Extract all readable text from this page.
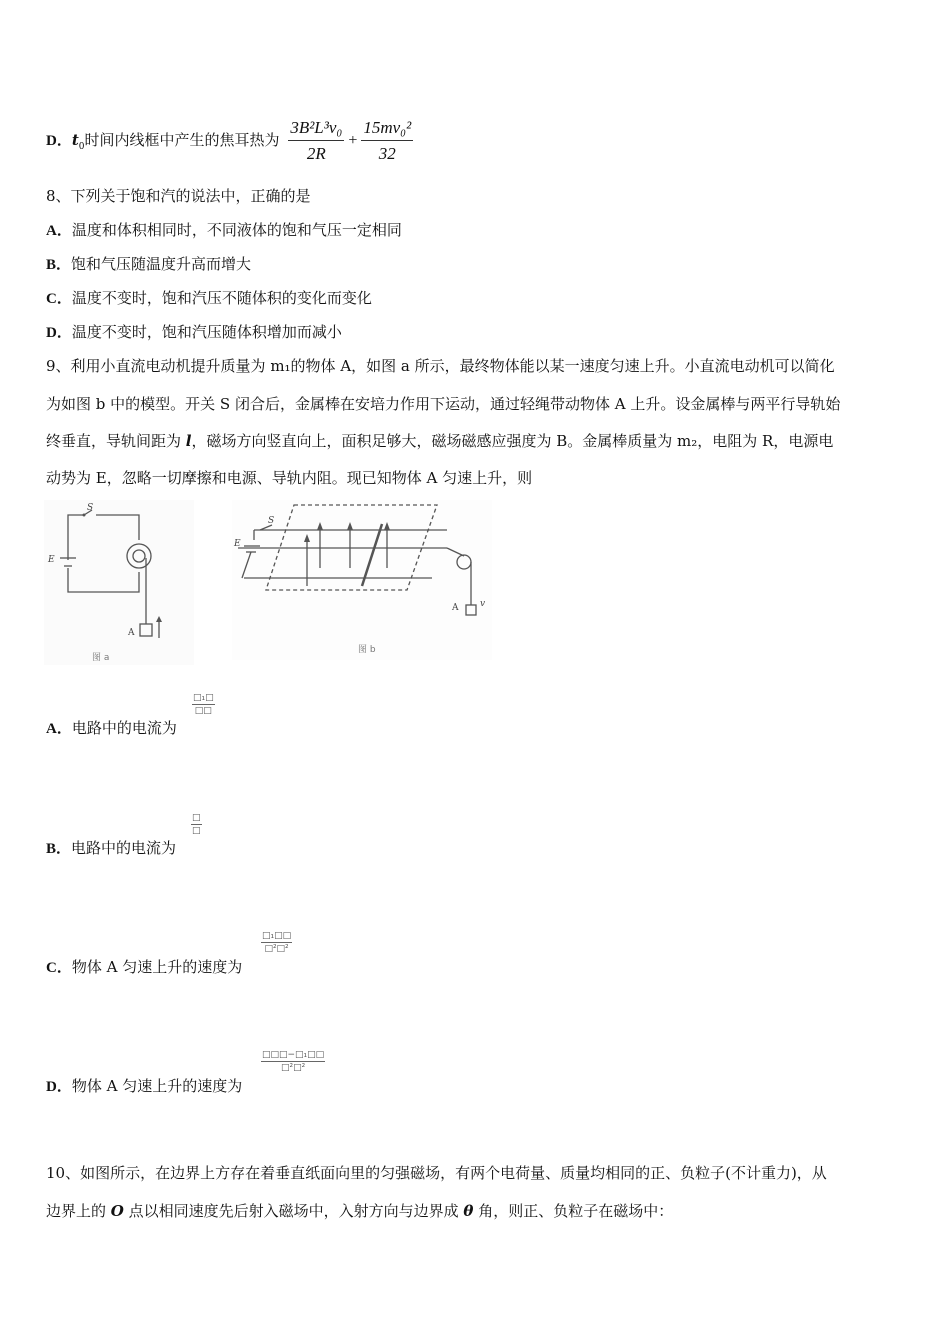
D．$t_0$时间内线框中产生的焦耳热为 $\frac{\text{3B²L³v₀}}{2R} + \frac{\text{15mv₀²}}{32}$
8、下列关于饱和汽的说法中，正确的是
A．温度和体积相同时，不同液体的饱和气压一定相同
B．饱和气压随温度升高而增大
C．温度不变时，饱和汽压不随体积的变化而变化
D．温度不变时，饱和汽压随体积增加而减小
9、利用小直流电动机提升质量为 m₁的物体 A，如图 a 所示，最终物体能以某一速度匀速上升。小直流电动机可以简化
为如图 b 中的模型。开关 S 闭合后，金属棒在安培力作用下运动，通过轻绳带动物体 A 上升。设金属棒与两平行导轨始
终垂直，导轨间距为 l，磁场方向竖直向上，面积足够大，磁场磁感应强度为 B。金属棒质量为 m₂，电阻为 R，电源电
动势为 E，忽略一切摩擦和电源、导轨内阻。现已知物体 A 匀速上升，则
S
E
A
图 a
S
E
A v
图 b
A．电路中的电流为
□₁□
□□
B．电路中的电流为
□
□
C．物体 A 匀速上升的速度为
□₁□□
□²□²
D．物体 A 匀速上升的速度为
□□□−□₁□□
□²□²
10、如图所示，在边界上方存在着垂直纸面向里的匀强磁场，有两个电荷量、质量均相同的正、负粒子(不计重力)，从
边界上的 O 点以相同速度先后射入磁场中，入射方向与边界成 θ 角，则正、负粒子在磁场中：
